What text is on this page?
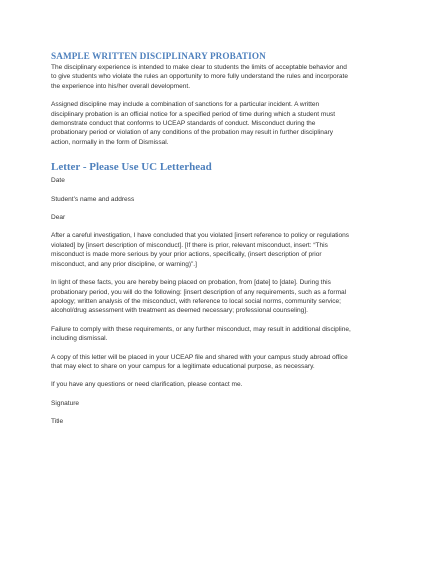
SAMPLE WRITTEN DISCIPLINARY PROBATION

The disciplinary experience is intended to make clear to students the limits of acceptable behavior and
to give students who violate the rules an opportunity to more fully understand the rules and incorporate
the experience into his/her overall development.

Assigned discipline may include a combination of sanctions for a particular incident. A written
disciplinary probation is an official notice for a specified period of time during which a student must
demonstrate conduct that conforms to UCEAP standards of conduct. Misconduct during the
probationary period or violation of any conditions of the probation may result in further disciplinary
action, normally in the form of Dismissal.

Letter - Please Use UC Letterhead

Date

Student’s name and address

Dear

After a careful investigation, I have concluded that you violated [insert reference to policy or regulations
violated] by [insert description of misconduct]. [If there is prior, relevant misconduct, insert: “This
misconduct is made more serious by your prior actions, specifically, (insert description of prior
misconduct, and any prior discipline, or warning)”.]

In light of these facts, you are hereby being placed on probation, from [date] to [date]. During this
probationary period, you will do the following: [insert description of any requirements, such as a formal
apology; written analysis of the misconduct, with reference to local social norms, community service;
alcohol/drug assessment with treatment as deemed necessary; professional counseling].

Failure to comply with these requirements, or any further misconduct, may result in additional discipline,
including dismissal.

A copy of this letter will be placed in your UCEAP file and shared with your campus study abroad office
that may elect to share on your campus for a legitimate educational purpose, as necessary.

If you have any questions or need clarification, please contact me.

Signature

Title
